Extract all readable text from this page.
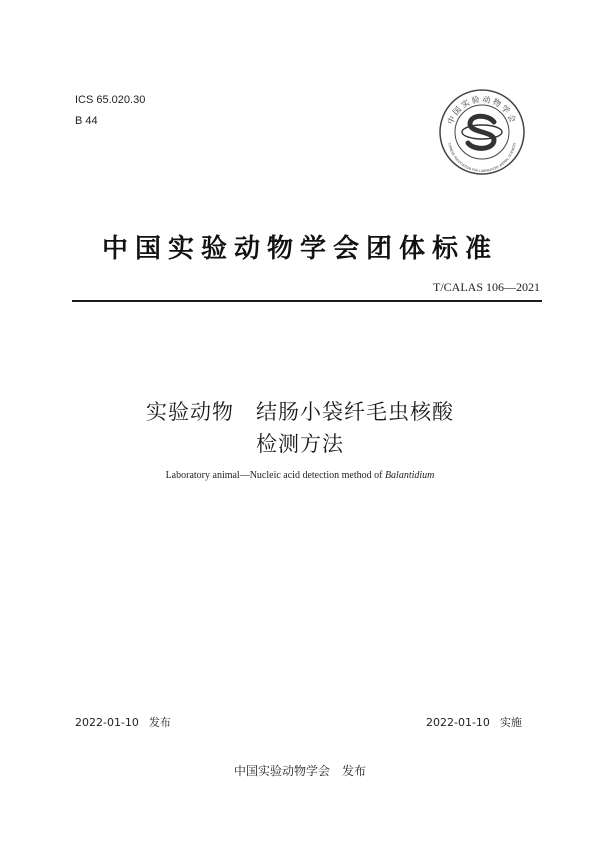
ICS 65.020.30
B 44	中国实验动物学会
CHINESE ASSOCIATION FOR LABORATORY ANIMAL SCIENCES
中国实验动物学会团体标准
T/CALAS 106—2021
实验动物 结肠小袋纤毛虫核酸
检测方法
Laboratory animal—Nucleic acid detection method of Balantidium
2022-01-10 发布	2022-01-10 实施
中国实验动物学会 发布
